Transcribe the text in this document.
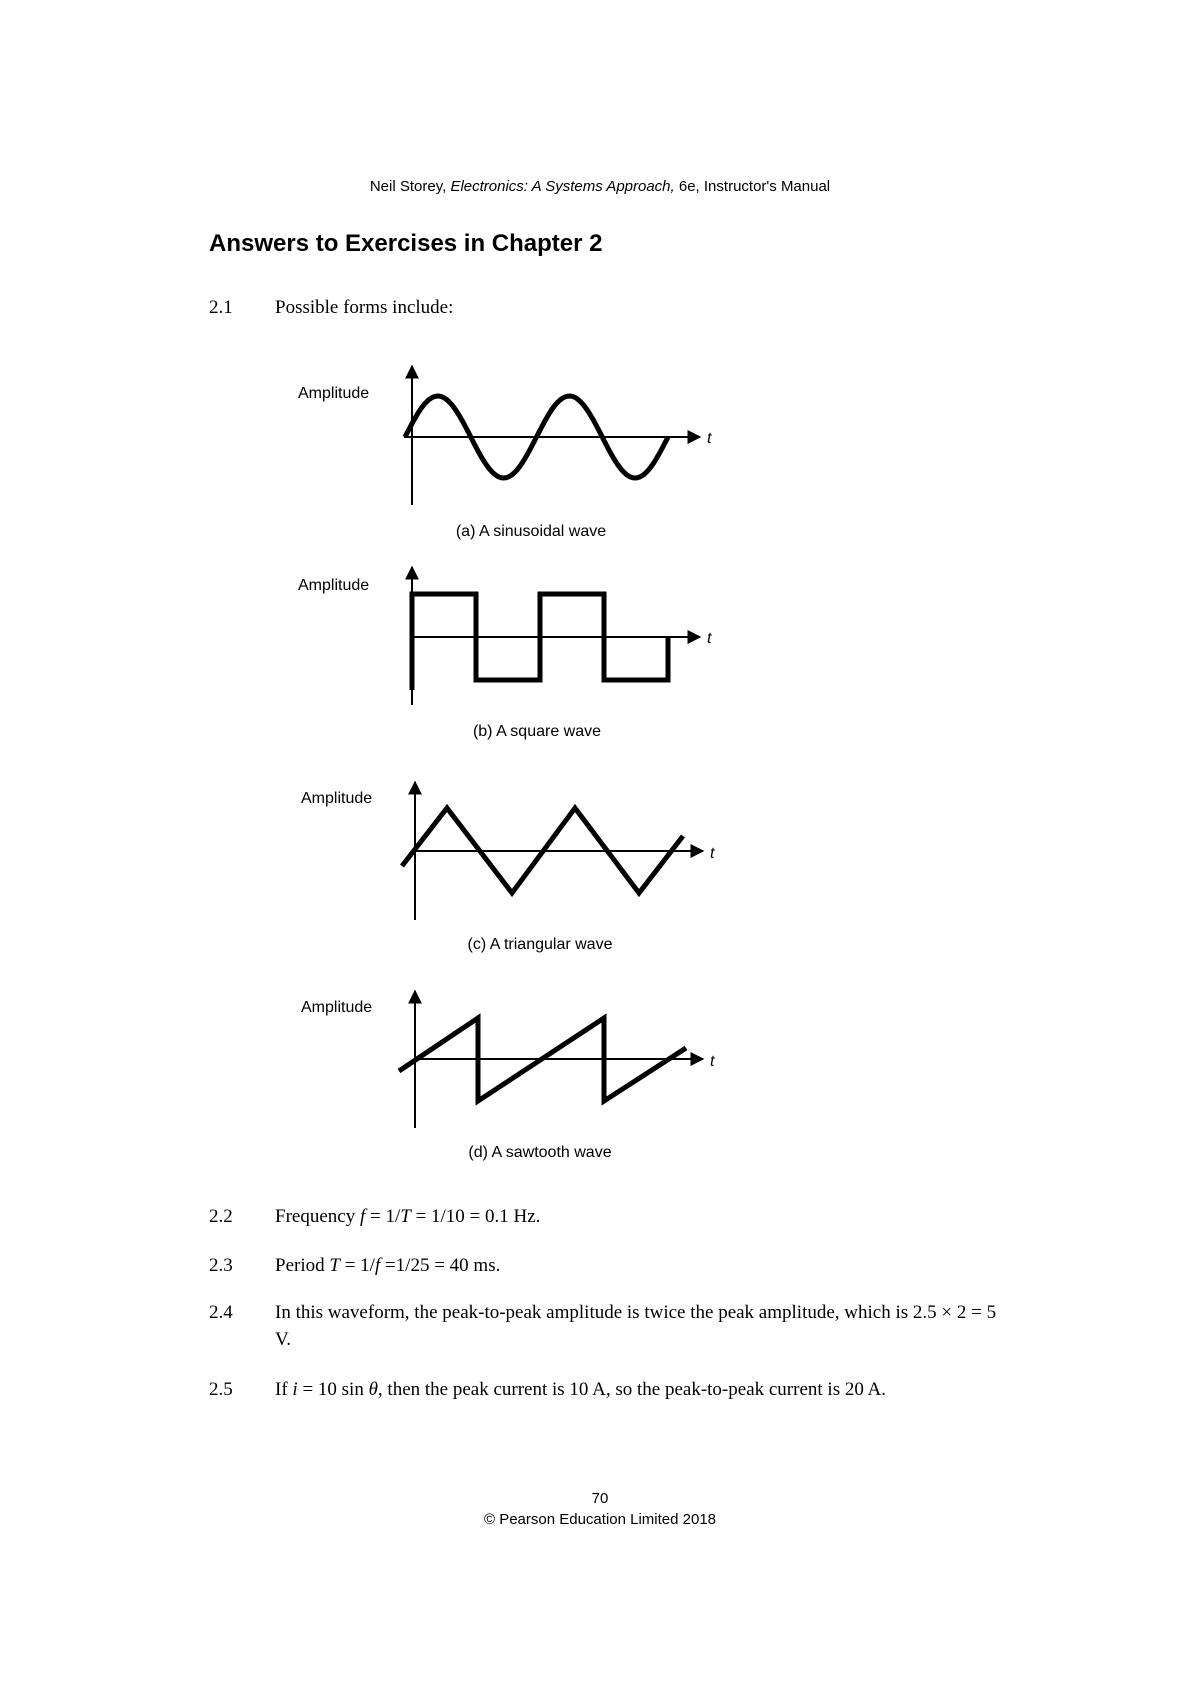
Neil Storey, Electronics: A Systems Approach, 6e, Instructor's Manual
Answers to Exercises in Chapter 2
2.1 Possible forms include:
Amplitude
t
(a) A sinusoidal wave
Amplitude
t
(b) A square wave
Amplitude
t
(c) A triangular wave
Amplitude
t
(d) A sawtooth wave
2.2 Frequency f = 1/T = 1/10 = 0.1 Hz.
2.3 Period T = 1/f =1/25 = 40 ms.
2.4 In this waveform, the peak-to-peak amplitude is twice the peak amplitude, which is 2.5 × 2 = 5 V.
2.5 If i = 10 sin θ, then the peak current is 10 A, so the peak-to-peak current is 20 A.
70
© Pearson Education Limited 2018
